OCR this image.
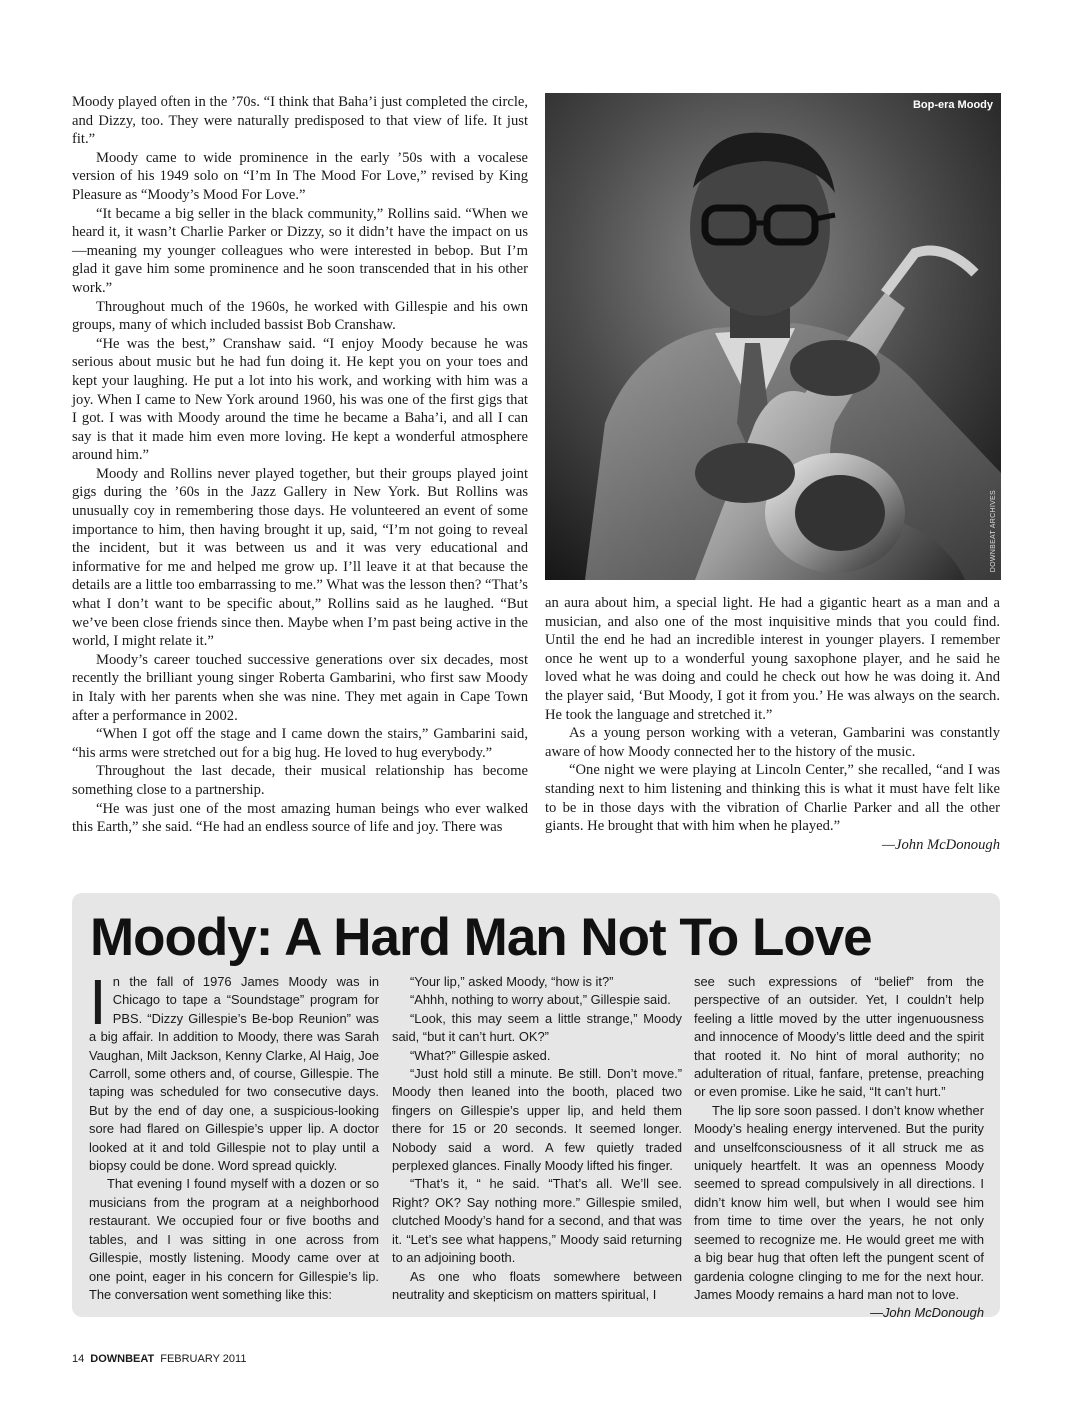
Moody played often in the ’70s. “I think that Baha’i just completed the circle, and Dizzy, too. They were naturally predisposed to that view of life. It just fit.”

Moody came to wide prominence in the early ’50s with a vocalese version of his 1949 solo on “I’m In The Mood For Love,” revised by King Pleasure as “Moody’s Mood For Love.”

“It became a big seller in the black community,” Rollins said. “When we heard it, it wasn’t Charlie Parker or Dizzy, so it didn’t have the impact on us—meaning my younger colleagues who were interested in bebop. But I’m glad it gave him some prominence and he soon transcended that in his other work.”

Throughout much of the 1960s, he worked with Gillespie and his own groups, many of which included bassist Bob Cranshaw.

“He was the best,” Cranshaw said. “I enjoy Moody because he was serious about music but he had fun doing it. He kept you on your toes and kept your laughing. He put a lot into his work, and working with him was a joy. When I came to New York around 1960, his was one of the first gigs that I got. I was with Moody around the time he became a Baha’i, and all I can say is that it made him even more loving. He kept a wonderful atmosphere around him.”

Moody and Rollins never played together, but their groups played joint gigs during the ’60s in the Jazz Gallery in New York. But Rollins was unusually coy in remembering those days. He volunteered an event of some importance to him, then having brought it up, said, “I’m not going to reveal the incident, but it was between us and it was very educational and informative for me and helped me grow up. I’ll leave it at that because the details are a little too embarrassing to me.” What was the lesson then? “That’s what I don’t want to be specific about,” Rollins said as he laughed. “But we’ve been close friends since then. Maybe when I’m past being active in the world, I might relate it.”

Moody’s career touched successive generations over six decades, most recently the brilliant young singer Roberta Gambarini, who first saw Moody in Italy with her parents when she was nine. They met again in Cape Town after a performance in 2002.

“When I got off the stage and I came down the stairs,” Gambarini said, “his arms were stretched out for a big hug. He loved to hug everybody.”

Throughout the last decade, their musical relationship has become something close to a partnership.

“He was just one of the most amazing human beings who ever walked this Earth,” she said. “He had an endless source of life and joy. There was

Bop-era Moody
DOWNBEAT ARCHIVES

an aura about him, a special light. He had a gigantic heart as a man and a musician, and also one of the most inquisitive minds that you could find. Until the end he had an incredible interest in younger players. I remember once he went up to a wonderful young saxophone player, and he said he loved what he was doing and could he check out how he was doing it. And the player said, ‘But Moody, I got it from you.’ He was always on the search. He took the language and stretched it.”

As a young person working with a veteran, Gambarini was constantly aware of how Moody connected her to the history of the music.

“One night we were playing at Lincoln Center,” she recalled, “and I was standing next to him listening and thinking this is what it must have felt like to be in those days with the vibration of Charlie Parker and all the other giants. He brought that with him when he played.”

—John McDonough

Moody: A Hard Man Not To Love

In the fall of 1976 James Moody was in Chicago to tape a “Soundstage” program for PBS. “Dizzy Gillespie’s Be-bop Reunion” was a big affair. In addition to Moody, there was Sarah Vaughan, Milt Jackson, Kenny Clarke, Al Haig, Joe Carroll, some others and, of course, Gillespie. The taping was scheduled for two consecutive days. But by the end of day one, a suspicious-looking sore had flared on Gillespie’s upper lip. A doctor looked at it and told Gillespie not to play until a biopsy could be done. Word spread quickly.

That evening I found myself with a dozen or so musicians from the program at a neighborhood restaurant. We occupied four or five booths and tables, and I was sitting in one across from Gillespie, mostly listening. Moody came over at one point, eager in his concern for Gillespie’s lip. The conversation went something like this:

“Your lip,” asked Moody, “how is it?”

“Ahhh, nothing to worry about,” Gillespie said.

“Look, this may seem a little strange,” Moody said, “but it can’t hurt. OK?”

“What?” Gillespie asked.

“Just hold still a minute. Be still. Don’t move.” Moody then leaned into the booth, placed two fingers on Gillespie’s upper lip, and held them there for 15 or 20 seconds. It seemed longer. Nobody said a word. A few quietly traded perplexed glances. Finally Moody lifted his finger.

“That’s it, “ he said. “That’s all. We’ll see. Right? OK? Say nothing more.” Gillespie smiled, clutched Moody’s hand for a second, and that was it. “Let’s see what happens,” Moody said returning to an adjoining booth.

As one who floats somewhere between neutrality and skepticism on matters spiritual, I

see such expressions of “belief” from the perspective of an outsider. Yet, I couldn’t help feeling a little moved by the utter ingenuousness and innocence of Moody’s little deed and the spirit that rooted it. No hint of moral authority; no adulteration of ritual, fanfare, pretense, preaching or even promise. Like he said, “It can’t hurt.”

The lip sore soon passed. I don’t know whether Moody’s healing energy intervened. But the purity and unselfconsciousness of it all struck me as uniquely heartfelt. It was an openness Moody seemed to spread compulsively in all directions. I didn’t know him well, but when I would see him from time to time over the years, he not only seemed to recognize me. He would greet me with a big bear hug that often left the pungent scent of gardenia cologne clinging to me for the next hour. James Moody remains a hard man not to love.
—John McDonough

14 DOWNBEAT FEBRUARY 2011
